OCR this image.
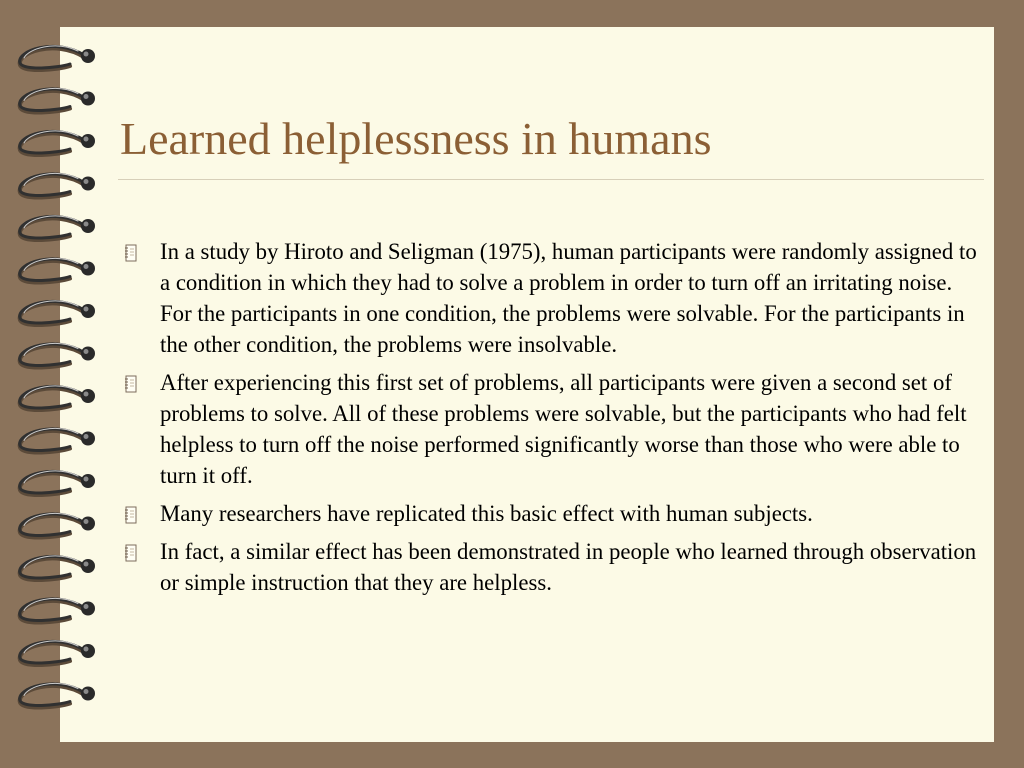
Learned helplessness in humans
In a study by Hiroto and Seligman (1975), human participants were randomly assigned to a condition in which they had to solve a problem in order to turn off an irritating noise. For the participants in one condition, the problems were solvable. For the participants in the other condition, the problems were insolvable.
After experiencing this first set of problems, all participants were given a second set of problems to solve. All of these problems were solvable, but the participants who had felt helpless to turn off the noise performed significantly worse than those who were able to turn it off.
Many researchers have replicated this basic effect with human subjects.
In fact, a similar effect has been demonstrated in people who learned through observation or simple instruction that they are helpless.
